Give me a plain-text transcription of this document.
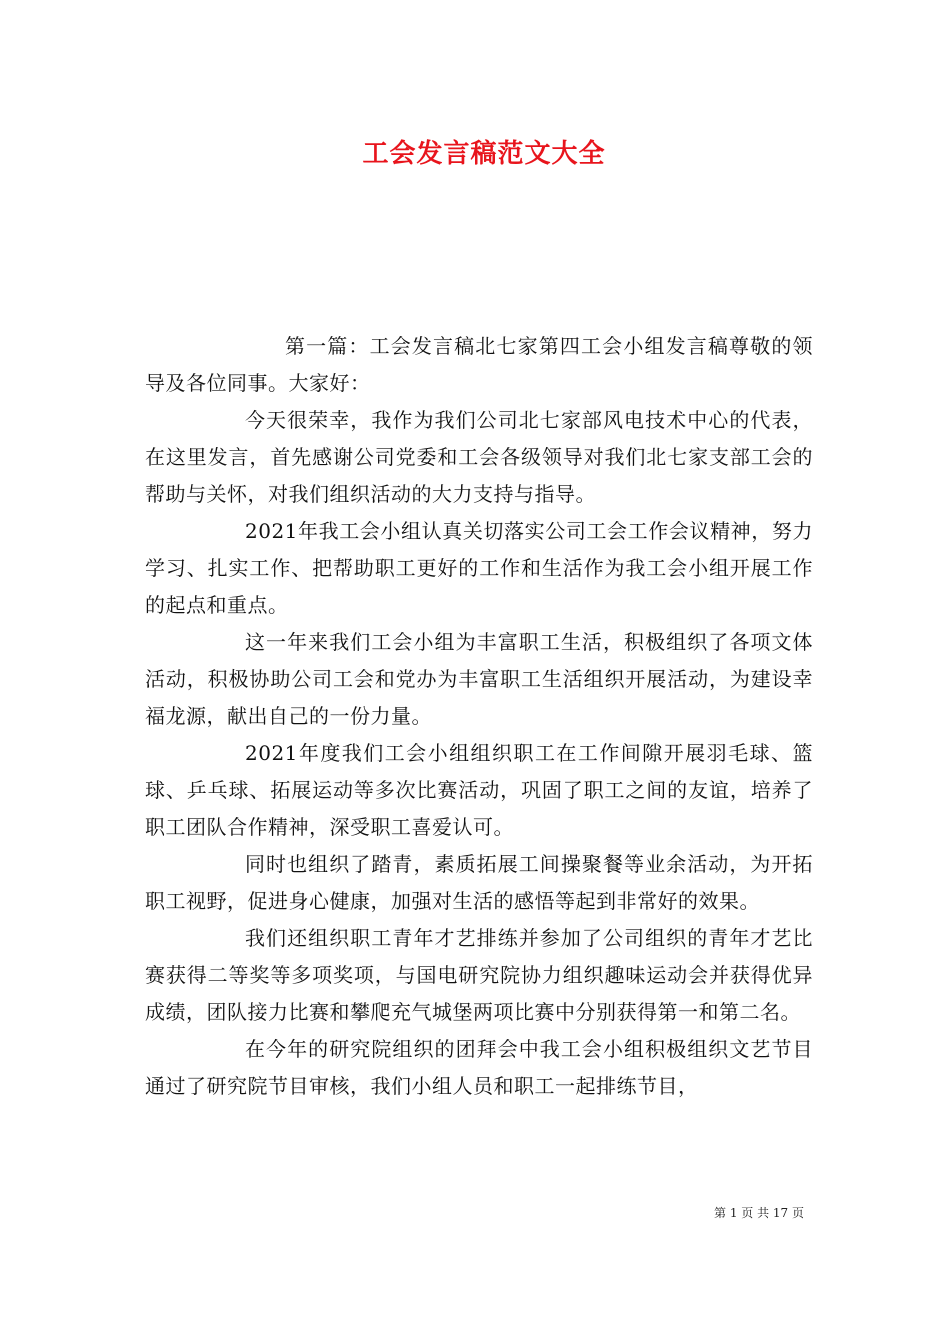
工会发言稿范文大全

第一篇：工会发言稿北七家第四工会小组发言稿尊敬的领导及各位同事。大家好：

今天很荣幸，我作为我们公司北七家部风电技术中心的代表，在这里发言，首先感谢公司党委和工会各级领导对我们北七家支部工会的帮助与关怀，对我们组织活动的大力支持与指导。

2021年我工会小组认真关切落实公司工会工作会议精神，努力学习、扎实工作、把帮助职工更好的工作和生活作为我工会小组开展工作的起点和重点。

这一年来我们工会小组为丰富职工生活，积极组织了各项文体活动，积极协助公司工会和党办为丰富职工生活组织开展活动，为建设幸福龙源，献出自己的一份力量。

2021年度我们工会小组组织职工在工作间隙开展羽毛球、篮球、乒乓球、拓展运动等多次比赛活动，巩固了职工之间的友谊，培养了职工团队合作精神，深受职工喜爱认可。

同时也组织了踏青，素质拓展工间操聚餐等业余活动，为开拓职工视野，促进身心健康，加强对生活的感悟等起到非常好的效果。

我们还组织职工青年才艺排练并参加了公司组织的青年才艺比赛获得二等奖等多项奖项，与国电研究院协力组织趣味运动会并获得优异成绩，团队接力比赛和攀爬充气城堡两项比赛中分别获得第一和第二名。

在今年的研究院组织的团拜会中我工会小组积极组织文艺节目通过了研究院节目审核，我们小组人员和职工一起排练节目，

第 1 页 共 17 页
